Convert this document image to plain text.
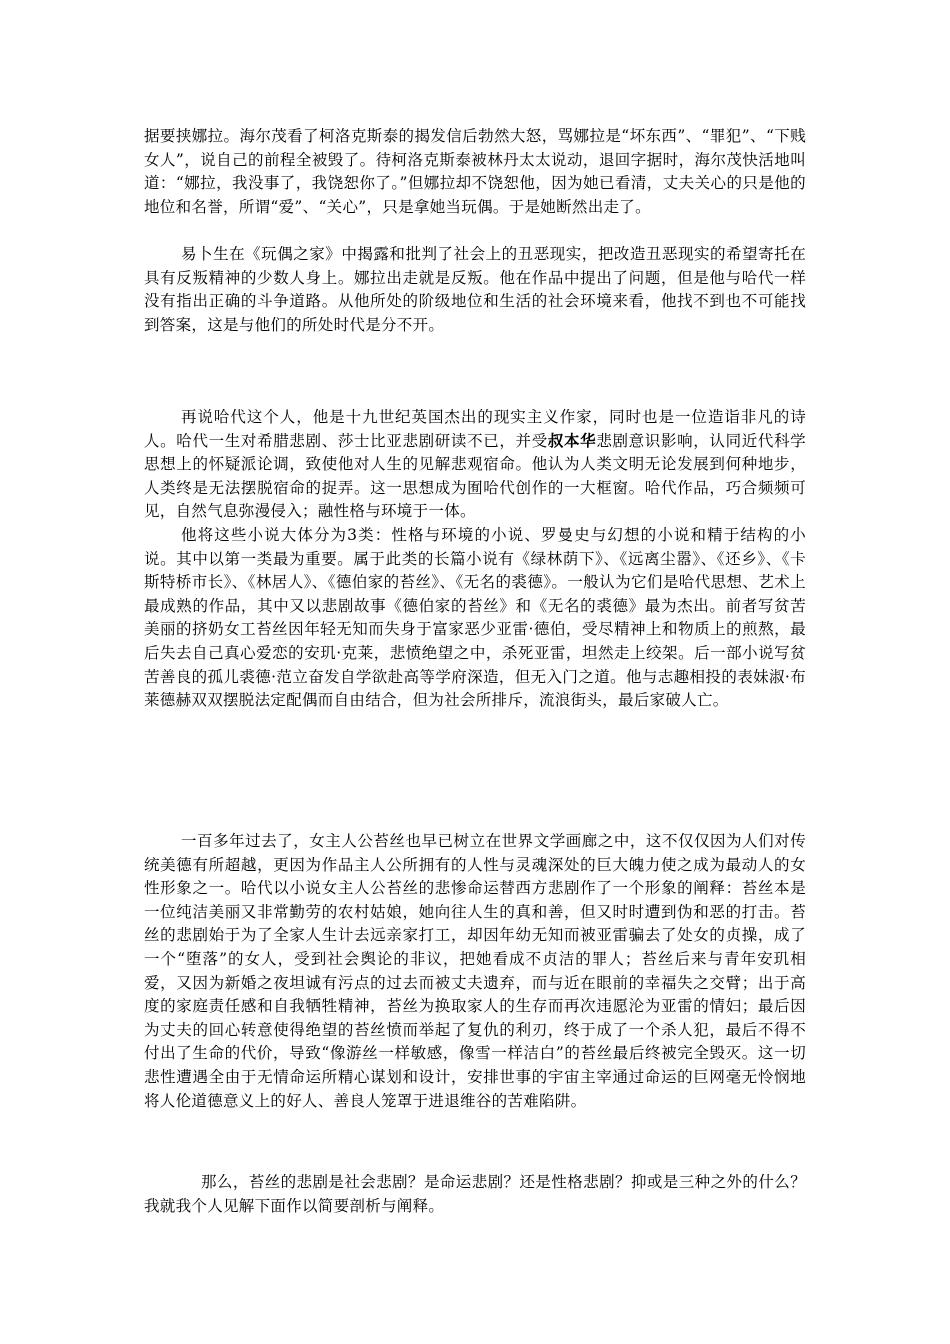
据要挟娜拉。海尔茂看了柯洛克斯泰的揭发信后勃然大怒，骂娜拉是“坏东西”、“罪犯”、“下贱女人”，说自己的前程全被毁了。待柯洛克斯泰被林丹太太说动，退回字据时，海尔茂快活地叫道：“娜拉，我没事了，我饶恕你了。”但娜拉却不饶恕他，因为她已看清，丈夫关心的只是他的地位和名誉，所谓“爱”、“关心”，只是拿她当玩偶。于是她断然出走了。

易卜生在《玩偶之家》中揭露和批判了社会上的丑恶现实，把改造丑恶现实的希望寄托在具有反叛精神的少数人身上。娜拉出走就是反叛。他在作品中提出了问题，但是他与哈代一样没有指出正确的斗争道路。从他所处的阶级地位和生活的社会环境来看，他找不到也不可能找到答案，这是与他们的所处时代是分不开。

再说哈代这个人，他是十九世纪英国杰出的现实主义作家，同时也是一位造诣非凡的诗人。哈代一生对希腊悲剧、莎士比亚悲剧研读不已，并受叔本华悲剧意识影响，认同近代科学思想上的怀疑派论调，致使他对人生的见解悲观宿命。他认为人类文明无论发展到何种地步，人类终是无法摆脱宿命的捉弄。这一思想成为囿哈代创作的一大框窗。哈代作品，巧合频频可见，自然气息弥漫侵入；融性格与环境于一体。

他将这些小说大体分为3类：性格与环境的小说、罗曼史与幻想的小说和精于结构的小说。其中以第一类最为重要。属于此类的长篇小说有《绿林荫下》、《远离尘嚣》、《还乡》、《卡斯特桥市长》、《林居人》、《德伯家的苔丝》、《无名的裘德》。一般认为它们是哈代思想、艺术上最成熟的作品，其中又以悲剧故事《德伯家的苔丝》和《无名的裘德》最为杰出。前者写贫苦美丽的挤奶女工苔丝因年轻无知而失身于富家恶少亚雷·德伯，受尽精神上和物质上的煎熬，最后失去自己真心爱恋的安玑·克莱，悲愤绝望之中，杀死亚雷，坦然走上绞架。后一部小说写贫苦善良的孤儿裘德·范立奋发自学欲赴高等学府深造，但无入门之道。他与志趣相投的表妹淑·布莱德赫双双摆脱法定配偶而自由结合，但为社会所排斥，流浪街头，最后家破人亡。

一百多年过去了，女主人公苔丝也早已树立在世界文学画廊之中，这不仅仅因为人们对传统美德有所超越，更因为作品主人公所拥有的人性与灵魂深处的巨大魄力使之成为最动人的女性形象之一。哈代以小说女主人公苔丝的悲惨命运替西方悲剧作了一个形象的阐释：苔丝本是一位纯洁美丽又非常勤劳的农村姑娘，她向往人生的真和善，但又时时遭到伪和恶的打击。苔丝的悲剧始于为了全家人生计去远亲家打工，却因年幼无知而被亚雷骗去了处女的贞操，成了一个“堕落”的女人，受到社会舆论的非议，把她看成不贞洁的罪人；苔丝后来与青年安玑相爱，又因为新婚之夜坦诚有污点的过去而被丈夫遗弃，而与近在眼前的幸福失之交臂；出于高度的家庭责任感和自我牺牲精神，苔丝为换取家人的生存而再次违愿沦为亚雷的情妇；最后因为丈夫的回心转意使得绝望的苔丝愤而举起了复仇的利刃，终于成了一个杀人犯，最后不得不付出了生命的代价，导致“像游丝一样敏感，像雪一样洁白”的苔丝最后终被完全毁灭。这一切悲性遭遇全由于无情命运所精心谋划和设计，安排世事的宇宙主宰通过命运的巨网毫无怜悯地将人伦道德意义上的好人、善良人笼罩于进退维谷的苦难陷阱。

那么，苔丝的悲剧是社会悲剧？是命运悲剧？还是性格悲剧？抑或是三种之外的什么？我就我个人见解下面作以简要剖析与阐释。
